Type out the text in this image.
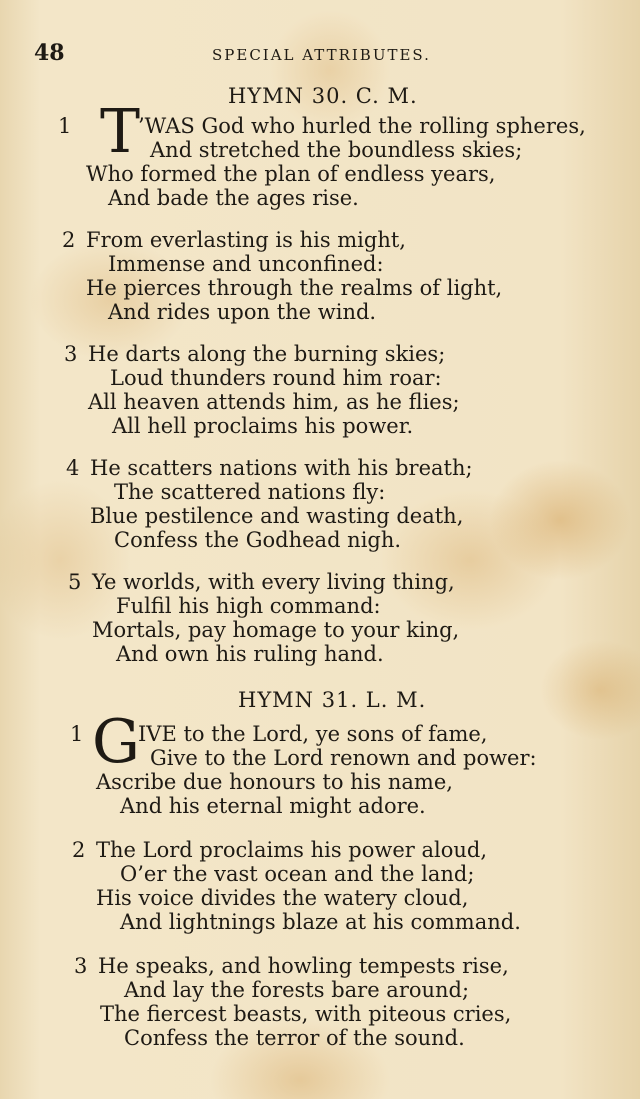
48	SPECIAL ATTRIBUTES.
HYMN 30. C. M.
1 T
’WAS God who hurled the rolling spheres,
And stretched the boundless skies;
Who formed the plan of endless years,
And bade the ages rise.
2 From everlasting is his might,
Immense and unconfined:
He pierces through the realms of light,
And rides upon the wind.
3 He darts along the burning skies;
Loud thunders round him roar:
All heaven attends him, as he flies;
All hell proclaims his power.
4 He scatters nations with his breath;
The scattered nations fly:
Blue pestilence and wasting death,
Confess the Godhead nigh.
5 Ye worlds, with every living thing,
Fulfil his high command:
Mortals, pay homage to your king,
And own his ruling hand.
HYMN 31. L. M.
1 G
IVE to the Lord, ye sons of fame,
Give to the Lord renown and power:
Ascribe due honours to his name,
And his eternal might adore.
2 The Lord proclaims his power aloud,
O’er the vast ocean and the land;
His voice divides the watery cloud,
And lightnings blaze at his command.
3 He speaks, and howling tempests rise,
And lay the forests bare around;
The fiercest beasts, with piteous cries,
Confess the terror of the sound.
